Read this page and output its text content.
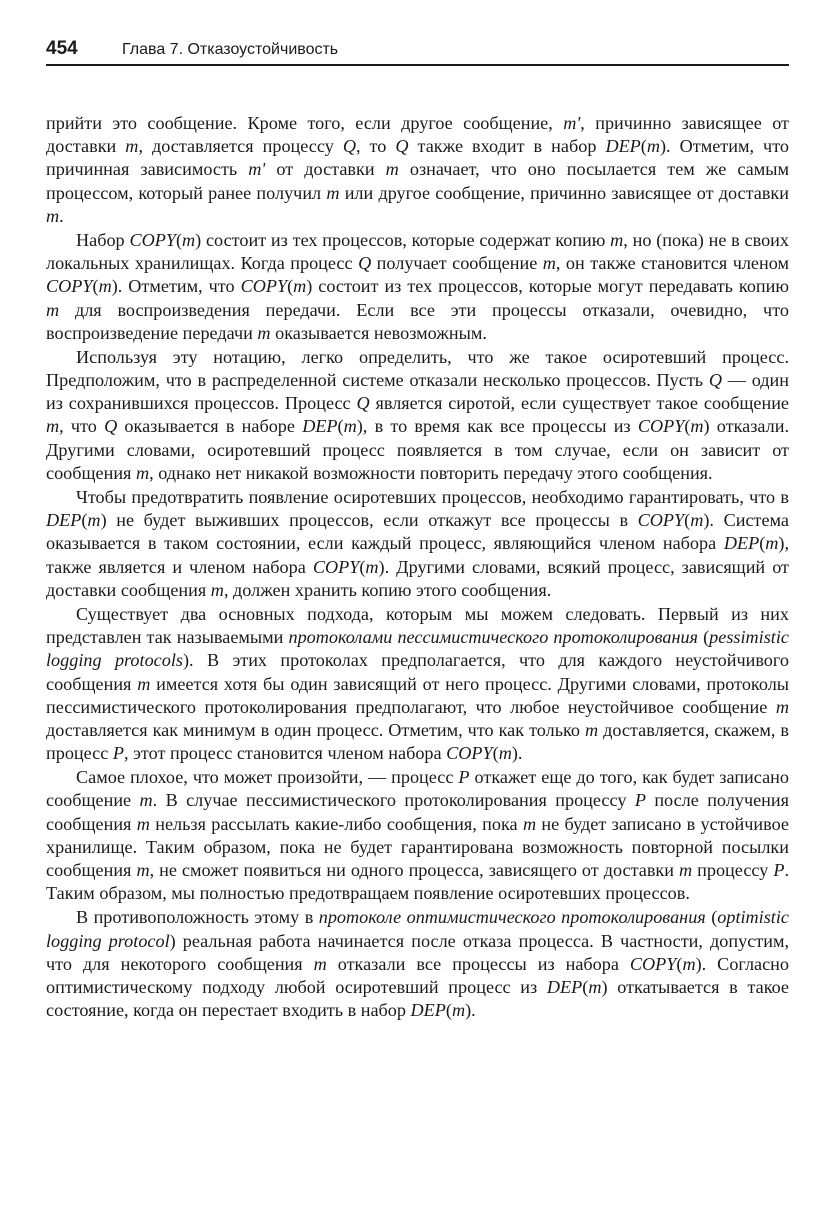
454	Глава 7. Отказоустойчивость

прийти это сообщение. Кроме того, если другое сообщение, m', причинно зависящее от доставки m, доставляется процессу Q, то Q также входит в набор DEP(m). Отметим, что причинная зависимость m' от доставки m означает, что оно посылается тем же самым процессом, который ранее получил m или другое сообщение, причинно зависящее от доставки m.

Набор COPY(m) состоит из тех процессов, которые содержат копию m, но (пока) не в своих локальных хранилищах. Когда процесс Q получает сообщение m, он также становится членом COPY(m). Отметим, что COPY(m) состоит из тех процессов, которые могут передавать копию m для воспроизведения передачи. Если все эти процессы отказали, очевидно, что воспроизведение передачи m оказывается невозможным.

Используя эту нотацию, легко определить, что же такое осиротевший процесс. Предположим, что в распределенной системе отказали несколько процессов. Пусть Q — один из сохранившихся процессов. Процесс Q является сиротой, если существует такое сообщение m, что Q оказывается в наборе DEP(m), в то время как все процессы из COPY(m) отказали. Другими словами, осиротевший процесс появляется в том случае, если он зависит от сообщения m, однако нет никакой возможности повторить передачу этого сообщения.

Чтобы предотвратить появление осиротевших процессов, необходимо гарантировать, что в DEP(m) не будет выживших процессов, если откажут все процессы в COPY(m). Система оказывается в таком состоянии, если каждый процесс, являющийся членом набора DEP(m), также является и членом набора COPY(m). Другими словами, всякий процесс, зависящий от доставки сообщения m, должен хранить копию этого сообщения.

Существует два основных подхода, которым мы можем следовать. Первый из них представлен так называемыми протоколами пессимистического протоколирования (pessimistic logging protocols). В этих протоколах предполагается, что для каждого неустойчивого сообщения m имеется хотя бы один зависящий от него процесс. Другими словами, протоколы пессимистического протоколирования предполагают, что любое неустойчивое сообщение m доставляется как минимум в один процесс. Отметим, что как только m доставляется, скажем, в процесс P, этот процесс становится членом набора COPY(m).

Самое плохое, что может произойти, — процесс P откажет еще до того, как будет записано сообщение m. В случае пессимистического протоколирования процессу P после получения сообщения m нельзя рассылать какие-либо сообщения, пока m не будет записано в устойчивое хранилище. Таким образом, пока не будет гарантирована возможность повторной посылки сообщения m, не сможет появиться ни одного процесса, зависящего от доставки m процессу P. Таким образом, мы полностью предотвращаем появление осиротевших процессов.

В противоположность этому в протоколе оптимистического протоколирования (optimistic logging protocol) реальная работа начинается после отказа процесса. В частности, допустим, что для некоторого сообщения m отказали все процессы из набора COPY(m). Согласно оптимистическому подходу любой осиротевший процесс из DEP(m) откатывается в такое состояние, когда он перестает входить в набор DEP(m).
